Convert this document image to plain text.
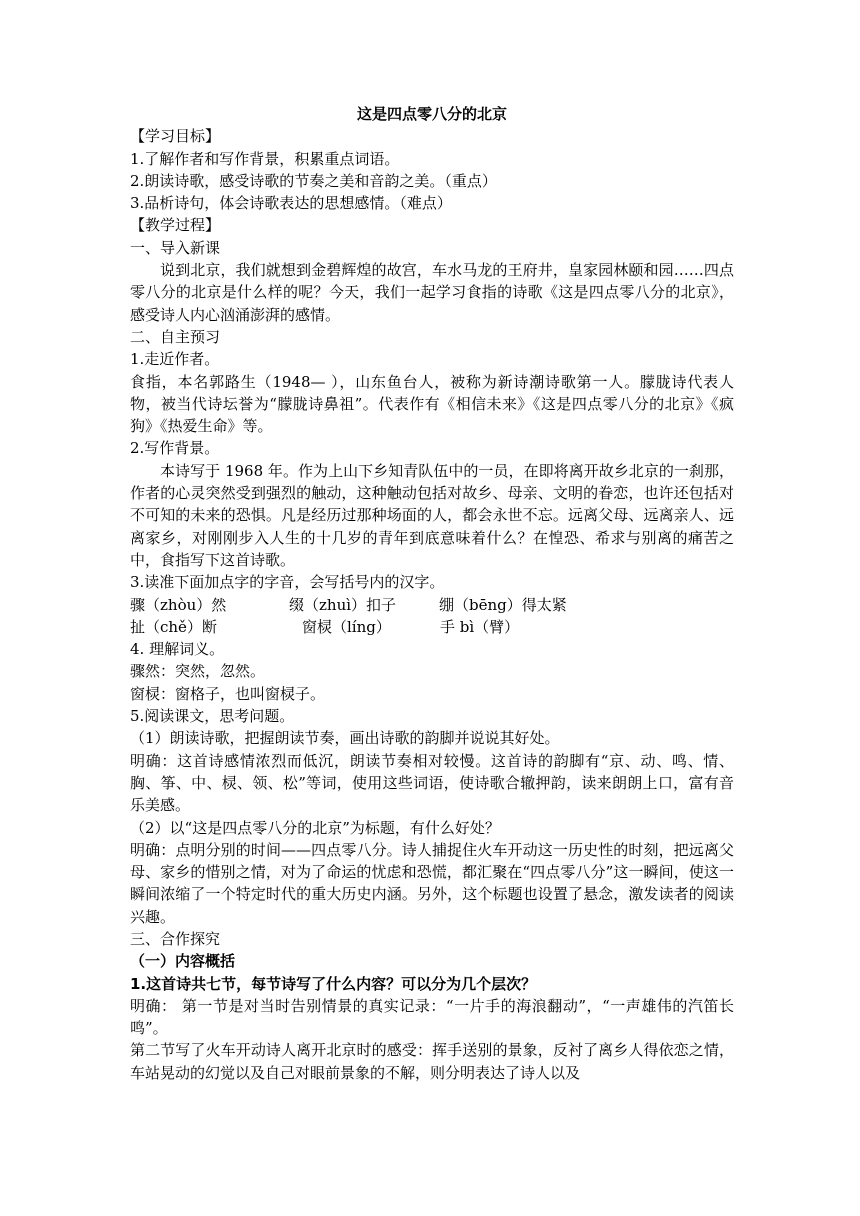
这是四点零八分的北京

【学习目标】

1.了解作者和写作背景，积累重点词语。

2.朗读诗歌，感受诗歌的节奏之美和音韵之美。（重点）

3.品析诗句，体会诗歌表达的思想感情。（难点）

【教学过程】

一、导入新课

说到北京，我们就想到金碧辉煌的故宫，车水马龙的王府井，皇家园林颐和园……四点零八分的北京是什么样的呢？今天，我们一起学习食指的诗歌《这是四点零八分的北京》，感受诗人内心汹涌澎湃的感情。

二、自主预习

1.走近作者。

食指，本名郭路生（1948— ），山东鱼台人，被称为新诗潮诗歌第一人。朦胧诗代表人物，被当代诗坛誉为“朦胧诗鼻祖”。代表作有《相信未来》《这是四点零八分的北京》《疯狗》《热爱生命》等。

2.写作背景。

本诗写于 1968 年。作为上山下乡知青队伍中的一员，在即将离开故乡北京的一刹那，作者的心灵突然受到强烈的触动，这种触动包括对故乡、母亲、文明的眷恋，也许还包括对不可知的未来的恐惧。凡是经历过那种场面的人，都会永世不忘。远离父母、远离亲人、远离家乡，对刚刚步入人生的十几岁的青年到底意味着什么？在惶恐、希求与别离的痛苦之中，食指写下这首诗歌。

3.读准下面加点字的字音，会写括号内的汉字。

骤（zhòu）然	缀（zhuì）扣子	绷（bēng）得太紧
扯（chě）断	窗棂（líng）	手 bì（臂）

4. 理解词义。

骤然：突然，忽然。

窗棂：窗格子，也叫窗棂子。

5.阅读课文，思考问题。

（1）朗读诗歌，把握朗读节奏，画出诗歌的韵脚并说说其好处。

明确：这首诗感情浓烈而低沉，朗读节奏相对较慢。这首诗的韵脚有“京、动、鸣、情、胸、筝、中、棂、领、松”等词，使用这些词语，使诗歌合辙押韵，读来朗朗上口，富有音乐美感。

（2）以“这是四点零八分的北京”为标题，有什么好处？

明确：点明分别的时间——四点零八分。诗人捕捉住火车开动这一历史性的时刻，把远离父母、家乡的惜别之情，对为了命运的忧虑和恐慌，都汇聚在“四点零八分”这一瞬间，使这一瞬间浓缩了一个特定时代的重大历史内涵。另外，这个标题也设置了悬念，激发读者的阅读兴趣。

三、合作探究

（一）内容概括

1.这首诗共七节，每节诗写了什么内容？可以分为几个层次？

明确： 第一节是对当时告别情景的真实记录：“一片手的海浪翻动”，“一声雄伟的汽笛长鸣”。

第二节写了火车开动诗人离开北京时的感受：挥手送别的景象，反衬了离乡人得依恋之情，车站晃动的幻觉以及自己对眼前景象的不解，则分明表达了诗人以及
